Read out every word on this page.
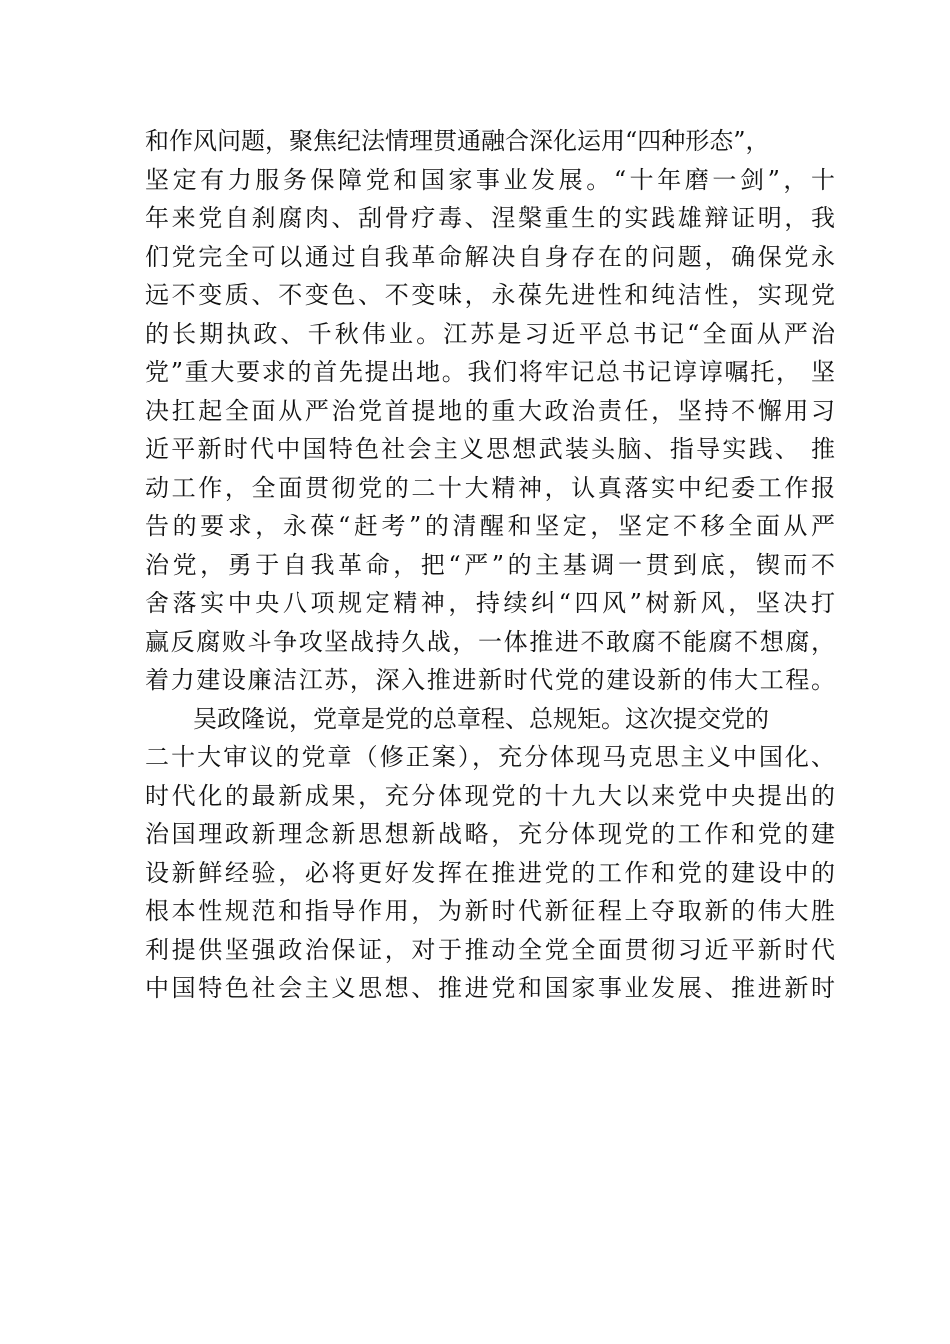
和作风问题，聚焦纪法情理贯通融合深化运用“四种形态”，
坚定有力服务保障党和国家事业发展。“十年磨一剑”，十
年来党自刹腐肉、刮骨疗毒、涅槃重生的实践雄辩证明，我
们党完全可以通过自我革命解决自身存在的问题，确保党永
远不变质、不变色、不变味，永葆先进性和纯洁性，实现党
的长期执政、千秋伟业。江苏是习近平总书记“全面从严治
党”重大要求的首先提出地。我们将牢记总书记谆谆嘱托， 坚
决扛起全面从严治党首提地的重大政治责任，坚持不懈用习
近平新时代中国特色社会主义思想武装头脑、指导实践、 推
动工作，全面贯彻党的二十大精神，认真落实中纪委工作报
告的要求，永葆“赶考”的清醒和坚定，坚定不移全面从严
治党，勇于自我革命，把“严”的主基调一贯到底，锲而不
舍落实中央八项规定精神，持续纠“四风”树新风，坚决打
赢反腐败斗争攻坚战持久战，一体推进不敢腐不能腐不想腐，
着力建设廉洁江苏，深入推进新时代党的建设新的伟大工程。
吴政隆说，党章是党的总章程、总规矩。这次提交党的
二十大审议的党章（修正案），充分体现马克思主义中国化、
时代化的最新成果，充分体现党的十九大以来党中央提出的
治国理政新理念新思想新战略，充分体现党的工作和党的建
设新鲜经验，必将更好发挥在推进党的工作和党的建设中的
根本性规范和指导作用，为新时代新征程上夺取新的伟大胜
利提供坚强政治保证，对于推动全党全面贯彻习近平新时代
中国特色社会主义思想、推进党和国家事业发展、推进新时
